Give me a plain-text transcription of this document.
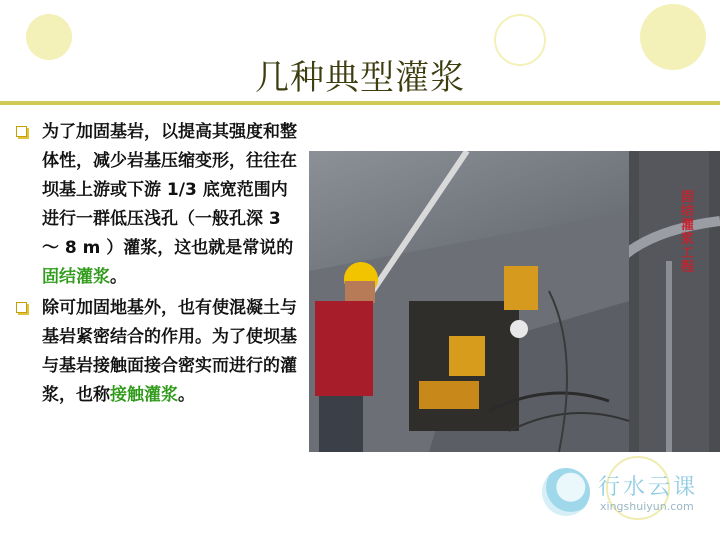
几种典型灌浆
为了加固基岩，以提高其强度和整体性，减少岩基压缩变形，往往在坝基上游或下游 1/3 底宽范围内进行一群低压浅孔（一般孔深 3 ～ 8 m ）灌浆，这也就是常说的固结灌浆。
除可加固地基外，也有使混凝土与基岩紧密结合的作用。为了使坝基与基岩接触面接合密实而进行的灌浆，也称接触灌浆。
固结灌浆工程
行水云课
xingshuiyun.com
